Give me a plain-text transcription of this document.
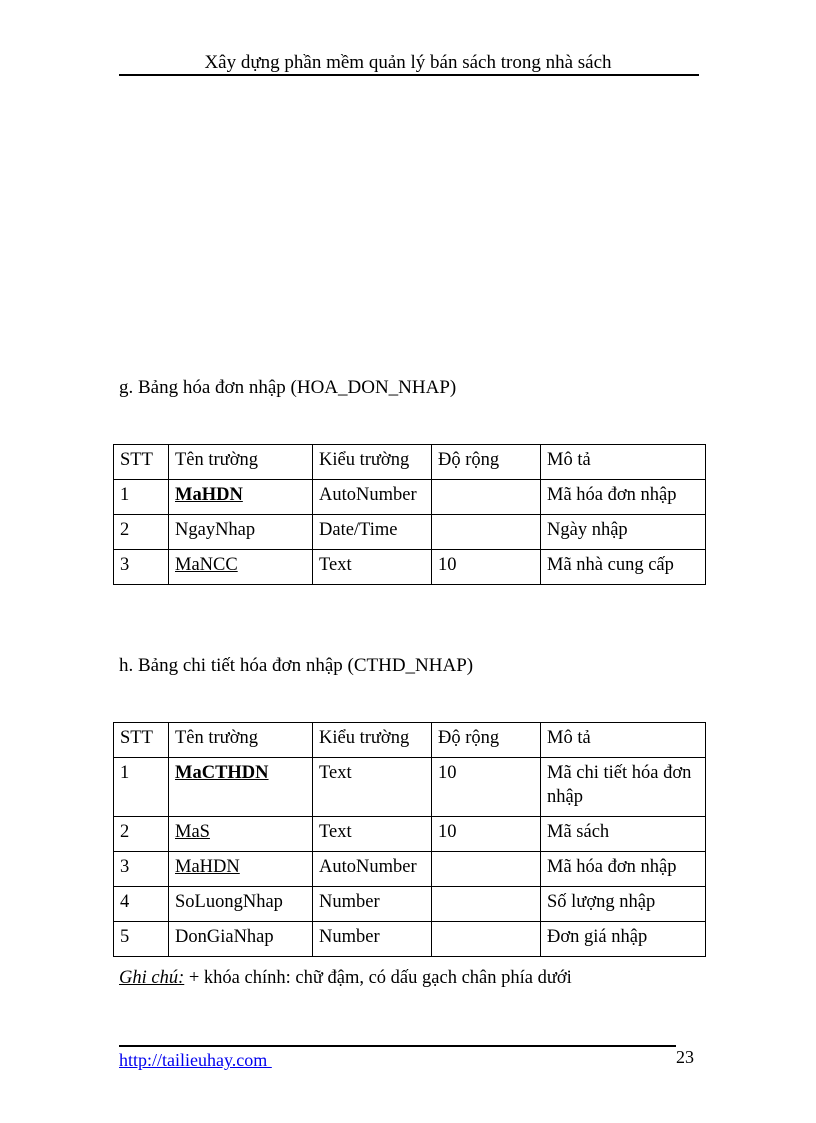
Xây dựng phần mềm quản lý bán sách trong nhà sách
g. Bảng hóa đơn nhập (HOA_DON_NHAP)
STT	Tên trường	Kiểu trường	Độ rộng	Mô tả
1	MaHDN	AutoNumber		Mã hóa đơn nhập
2	NgayNhap	Date/Time		Ngày nhập
3	MaNCC	Text	10	Mã nhà cung cấp
h. Bảng chi tiết hóa đơn nhập (CTHD_NHAP)
STT	Tên trường	Kiểu trường	Độ rộng	Mô tả
1	MaCTHDN	Text	10	Mã chi tiết hóa đơn nhập
2	MaS	Text	10	Mã sách
3	MaHDN	AutoNumber		Mã hóa đơn nhập
4	SoLuongNhap	Number		Số lượng nhập
5	DonGiaNhap	Number		Đơn giá nhập
Ghi chú: + khóa chính: chữ đậm, có dấu gạch chân phía dưới
http://tailieuhay.com	23
